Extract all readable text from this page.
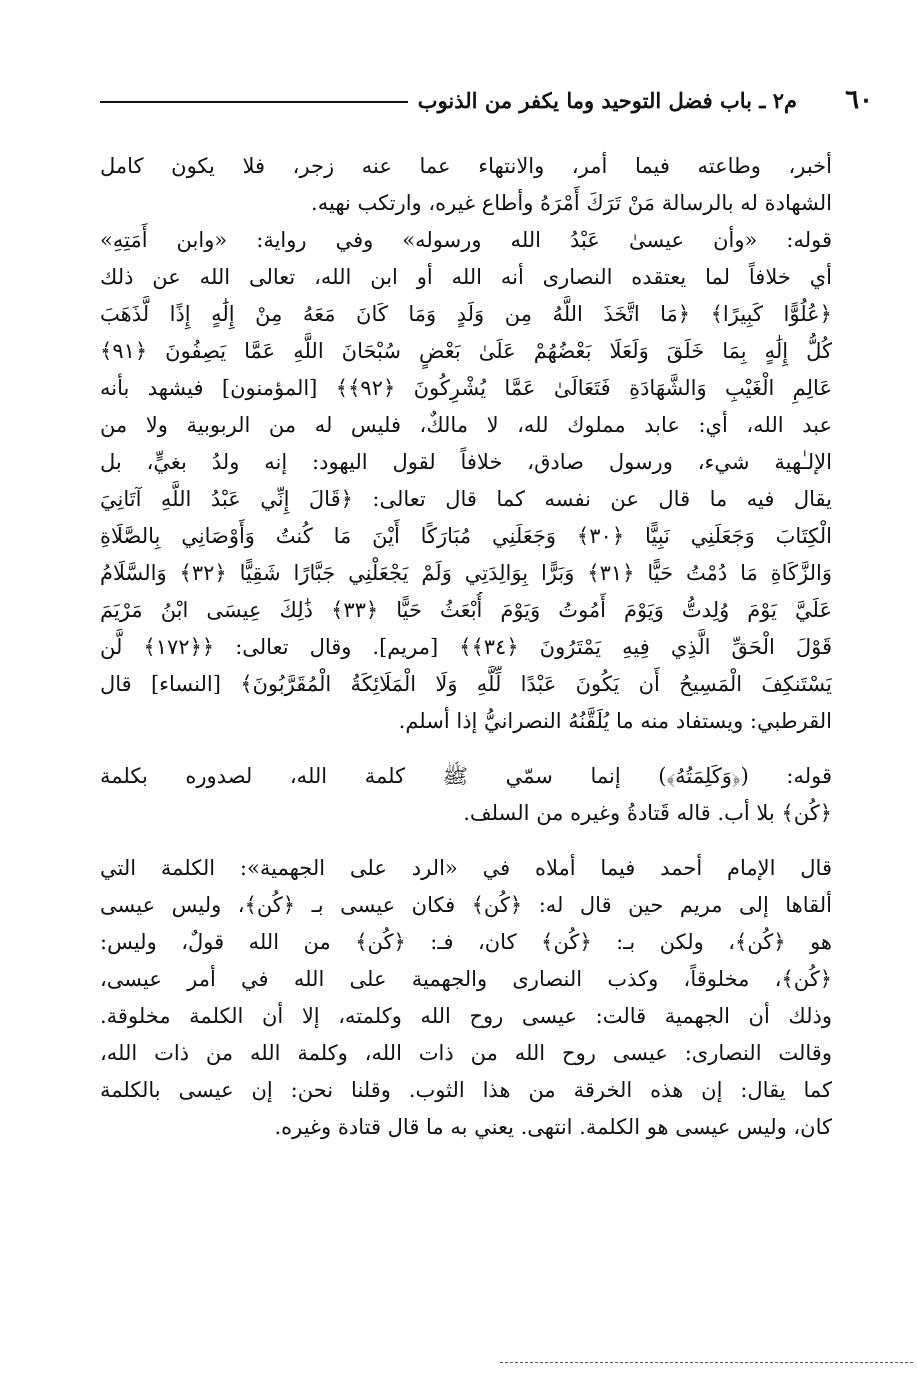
٦٠
م٢ ـ باب فضل التوحيد وما يكفر من الذنوب
أخبر، وطاعته فيما أمر، والانتهاء عما عنه زجر، فلا يكون كامل
الشهادة له بالرسالة مَنْ تَرَكَ أَمْرَهُ وأطاع غيره، وارتكب نهيه.
قوله: «وأن عيسىٰ عَبْدُ الله ورسوله» وفي رواية: «وابن أَمَتِهِ»
أي خلافاً لما يعتقده النصارى أنه الله أو ابن الله، تعالى الله عن ذلك
﴿عُلُوًّا كَبِيرًا﴾ ﴿مَا اتَّخَذَ اللَّهُ مِن وَلَدٍ وَمَا كَانَ مَعَهُ مِنْ إِلَٰهٍ إِذًا لَّذَهَبَ
كُلُّ إِلَٰهٍ بِمَا خَلَقَ وَلَعَلَا بَعْضُهُمْ عَلَىٰ بَعْضٍ سُبْحَانَ اللَّهِ عَمَّا يَصِفُونَ ﴿٩١﴾
عَالِمِ الْغَيْبِ وَالشَّهَادَةِ فَتَعَالَىٰ عَمَّا يُشْرِكُونَ ﴿٩٢﴾﴾ [المؤمنون] فيشهد بأنه
عبد الله، أي: عابد مملوك لله، لا مالكٌ، فليس له من الربوبية ولا من
الإلـٰهية شيء، ورسول صادق، خلافاً لقول اليهود: إنه ولدُ بغيٍّ، بل
يقال فيه ما قال عن نفسه كما قال تعالى: ﴿قَالَ إِنِّي عَبْدُ اللَّهِ آتَانِيَ
الْكِتَابَ وَجَعَلَنِي نَبِيًّا ﴿٣٠﴾ وَجَعَلَنِي مُبَارَكًا أَيْنَ مَا كُنتُ وَأَوْصَانِي بِالصَّلَاةِ
وَالزَّكَاةِ مَا دُمْتُ حَيًّا ﴿٣١﴾ وَبَرًّا بِوَالِدَتِي وَلَمْ يَجْعَلْنِي جَبَّارًا شَقِيًّا ﴿٣٢﴾ وَالسَّلَامُ
عَلَيَّ يَوْمَ وُلِدتُّ وَيَوْمَ أَمُوتُ وَيَوْمَ أُبْعَثُ حَيًّا ﴿٣٣﴾ ذَٰلِكَ عِيسَى ابْنُ مَرْيَمَ
قَوْلَ الْحَقِّ الَّذِي فِيهِ يَمْتَرُونَ ﴿٣٤﴾﴾ [مريم]. وقال تعالى: ﴿﴿١٧٢﴾ لَّن
يَسْتَنكِفَ الْمَسِيحُ أَن يَكُونَ عَبْدًا لِّلَّهِ وَلَا الْمَلَائِكَةُ الْمُقَرَّبُونَ﴾ [النساء] قال
القرطبي: ويستفاد منه ما يُلَقَّنُهُ النصرانيُّ إذا أسلم.
قوله: (﴿وَكَلِمَتُهُ﴾) إنما سمّي ﷺ كلمة الله، لصدوره بكلمة
﴿كُن﴾ بلا أب. قاله قَتادةُ وغيره من السلف.
قال الإمام أحمد فيما أملاه في «الرد على الجهمية»: الكلمة التي
ألقاها إلى مريم حين قال له: ﴿كُن﴾ فكان عيسى بـ ﴿كُن﴾، وليس عيسى
هو ﴿كُن﴾، ولكن بـ: ﴿كُن﴾ كان، فـ: ﴿كُن﴾ من الله قولٌ، وليس:
﴿كُن﴾، مخلوقاً، وكذب النصارى والجهمية على الله في أمر عيسى،
وذلك أن الجهمية قالت: عيسى روح الله وكلمته، إلا أن الكلمة مخلوقة.
وقالت النصارى: عيسى روح الله من ذات الله، وكلمة الله من ذات الله،
كما يقال: إن هذه الخرقة من هذا الثوب. وقلنا نحن: إن عيسى بالكلمة
كان، وليس عيسى هو الكلمة. انتهى. يعني به ما قال قتادة وغيره.
